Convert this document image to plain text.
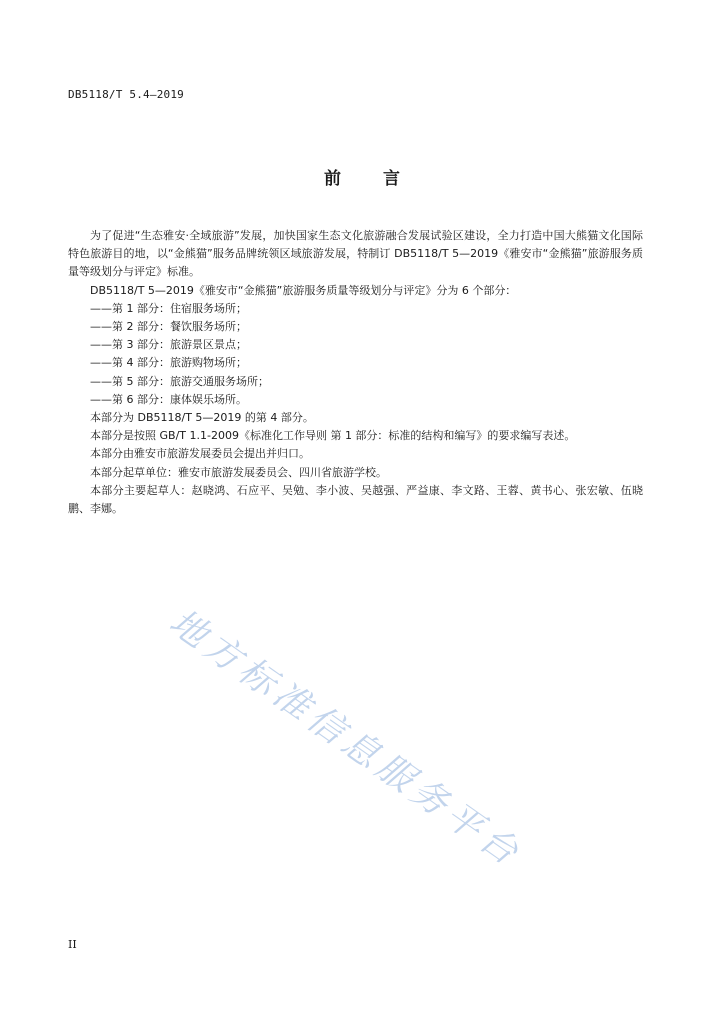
DB5118/T 5.4—2019
前 言

为了促进“生态雅安·全域旅游”发展，加快国家生态文化旅游融合发展试验区建设，全力打造中国大熊猫文化国际特色旅游目的地，以“金熊猫”服务品牌统领区域旅游发展，特制订 DB5118/T 5—2019《雅安市“金熊猫”旅游服务质量等级划分与评定》标准。

DB5118/T 5—2019《雅安市“金熊猫”旅游服务质量等级划分与评定》分为 6 个部分：

——第 1 部分：住宿服务场所；

——第 2 部分：餐饮服务场所；

——第 3 部分：旅游景区景点；

——第 4 部分：旅游购物场所；

——第 5 部分：旅游交通服务场所；

——第 6 部分：康体娱乐场所。

本部分为 DB5118/T 5—2019 的第 4 部分。

本部分是按照 GB/T 1.1-2009《标准化工作导则 第 1 部分：标准的结构和编写》的要求编写表述。

本部分由雅安市旅游发展委员会提出并归口。

本部分起草单位：雅安市旅游发展委员会、四川省旅游学校。

本部分主要起草人：赵晓鸿、石应平、吴勉、李小波、吴越强、严益康、李文路、王蓉、黄书心、张宏敏、伍晓鹏、李娜。

地方标准信息服务平台
II
